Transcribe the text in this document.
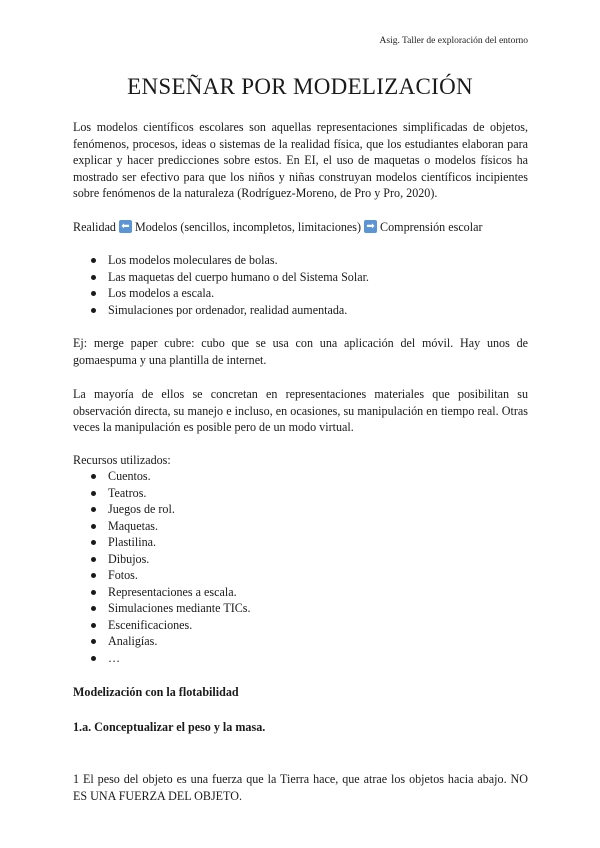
Asig. Taller de exploración del entorno
ENSEÑAR POR MODELIZACIÓN

Los modelos científicos escolares son aquellas representaciones simplificadas de objetos, fenómenos, procesos, ideas o sistemas de la realidad física, que los estudiantes elaboran para explicar y hacer predicciones sobre estos. En EI, el uso de maquetas o modelos físicos ha mostrado ser efectivo para que los niños y niñas construyan modelos científicos incipientes sobre fenómenos de la naturaleza (Rodríguez-Moreno, de Pro y Pro, 2020).

Realidad ⬅ Modelos (sencillos, incompletos, limitaciones) ➡ Comprensión escolar
Los modelos moleculares de bolas.
Las maquetas del cuerpo humano o del Sistema Solar.
Los modelos a escala.
Simulaciones por ordenador, realidad aumentada.

Ej: merge paper cubre: cubo que se usa con una aplicación del móvil. Hay unos de gomaespuma y una plantilla de internet.

La mayoría de ellos se concretan en representaciones materiales que posibilitan su observación directa, su manejo e incluso, en ocasiones, su manipulación en tiempo real. Otras veces la manipulación es posible pero de un modo virtual.

Recursos utilizados:

Cuentos.
Teatros.
Juegos de rol.
Maquetas.
Plastilina.
Dibujos.
Fotos.
Representaciones a escala.
Simulaciones mediante TICs.
Escenificaciones.
Analigías.
…

Modelización con la flotabilidad

1.a. Conceptualizar el peso y la masa.

1 El peso del objeto es una fuerza que la Tierra hace, que atrae los objetos hacia abajo. NO ES UNA FUERZA DEL OBJETO.
